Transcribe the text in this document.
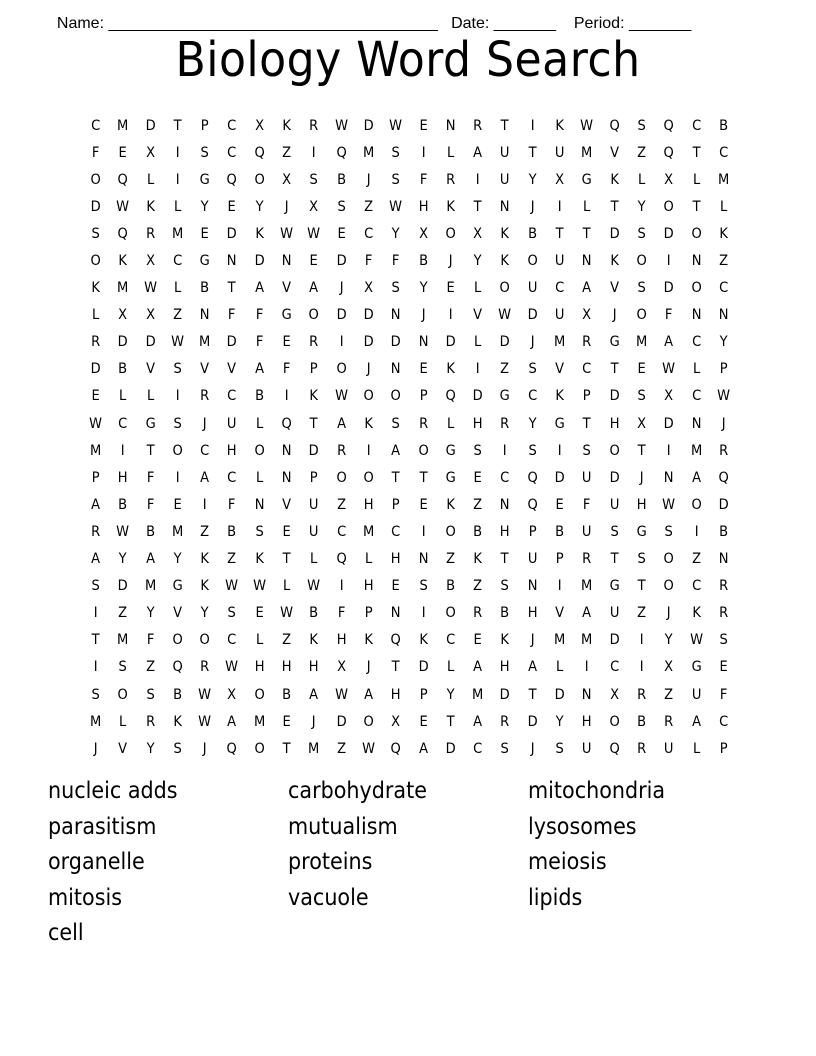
Name: _____________________________________ Date: _______ Period: _______

Biology Word Search
C	M	D	T	P	C	X	K	R	W	D	W	E	N	R	T	I	K	W	Q	S	Q	C	B
F	E	X	I	S	C	Q	Z	I	Q	M	S	I	L	A	U	T	U	M	V	Z	Q	T	C
O	Q	L	I	G	Q	O	X	S	B	J	S	F	R	I	U	Y	X	G	K	L	X	L	M
D	W	K	L	Y	E	Y	J	X	S	Z	W	H	K	T	N	J	I	L	T	Y	O	T	L
S	Q	R	M	E	D	K	W W	E	C	Y	X	O	X	K	B	T	T	D	S	D	O	K
O	K	X	C	G	N	D	N	E	D	F	F	B	J	Y	K	O	U	N	K	O	I	N	Z
K	M	W	L	B	T	A	V	A	J	X	S	Y	E	L	O	U	C	A	V	S	D	O	C
L	X	X	Z	N	F	F	G	O	D	D	N	J	I	V	W	D	U	X	J	O	F	N	N
R	D	D	W	M	D	F	E	R	I	D	D	N	D	L	D	J	M	R	G	M	A	C	Y
D	B	V	S	V	V	A	F	P	O	J	N	E	K	I	Z	S	V	C	T	E	W	L	P
E	L	L	I	R	C	B	I	K	W	O	O	P	Q	D	G	C	K	P	D	S	X	C	W
W	C	G	S	J	U	L	Q	T	A	K	S	R	L	H	R	Y	G	T	H	X	D	N	J
M	I	T	O	C	H	O	N	D	R	I	A	O	G	S	I	S	I	S	O	T	I	M	R
P	H	F	I	A	C	L	N	P	O	O	T	T	G	E	C	Q	D	U	D	J	N	A	Q
A	B	F	E	I	F	N	V	U	Z	H	P	E	K	Z	N	Q	E	F	U	H	W	O	D
R	W	B	M	Z	B	S	E	U	C	M	C	I	O	B	H	P	B	U	S	G	S	I	B
A	Y	A	Y	K	Z	K	T	L	Q	L	H	N	Z	K	T	U	P	R	T	S	O	Z	N
S	D	M	G	K	W W	L	W	I	H	E	S	B	Z	S	N	I	M	G	T	O	C	R
I	Z	Y	V	Y	S	E	W	B	F	P	N	I	O	R	B	H	V	A	U	Z	J	K	R
T	M	F	O	O	C	L	Z	K	H	K	Q	K	C	E	K	J	M	M	D	I	Y	W	S
I	S	Z	Q	R	W	H	H	H	X	J	T	D	L	A	H	A	L	I	C	I	X	G	E
S	O	S	B	W	X	O	B	A	W	A	H	P	Y	M	D	T	D	N	X	R	Z	U	F
M	L	R	K	W	A	M	E	J	D	O	X	E	T	A	R	D	Y	H	O	B	R	A	C
J	V	Y	S	J	Q	O	T	M	Z	W	Q	A	D	C	S	J	S	U	Q	R	U	L	P
nucleic adds	carbohydrate	mitochondria
parasitism	mutualism	lysosomes
organelle	proteins	meiosis
mitosis	vacuole	lipids
cell
